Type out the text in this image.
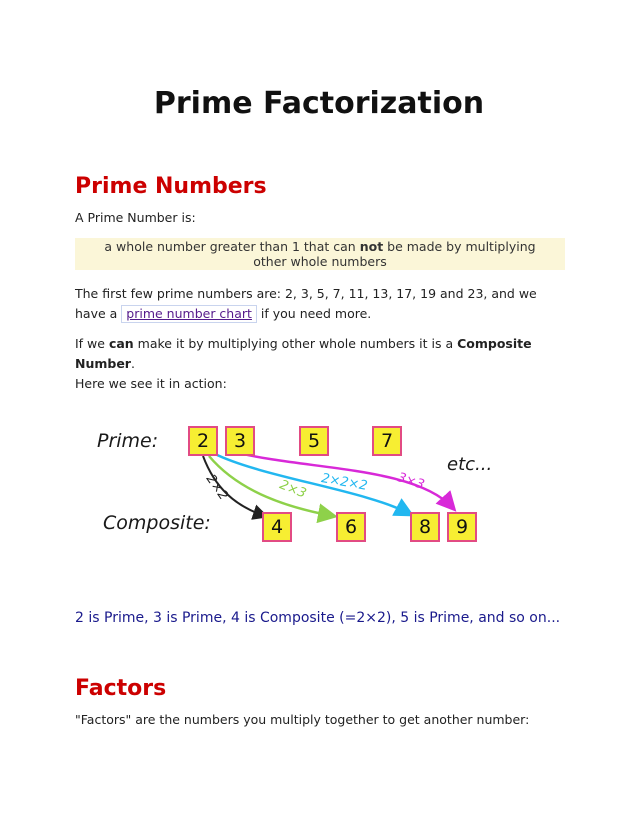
Prime Factorization
Prime Numbers

A Prime Number is:

a whole number greater than 1 that can not be made by multiplying other whole numbers

The first few prime numbers are: 2, 3, 5, 7, 11, 13, 17, 19 and 23, and we have a prime number chart if you need more.

If we can make it by multiplying other whole numbers it is a Composite Number.

Here we see it in action:

Prime:
Composite:
2	3	5	7
4	6	8	9
2×2	2×3 2×2×2 3×3
etc...

2 is Prime, 3 is Prime, 4 is Composite (=2×2), 5 is Prime, and so on...

Factors

"Factors" are the numbers you multiply together to get another number:
